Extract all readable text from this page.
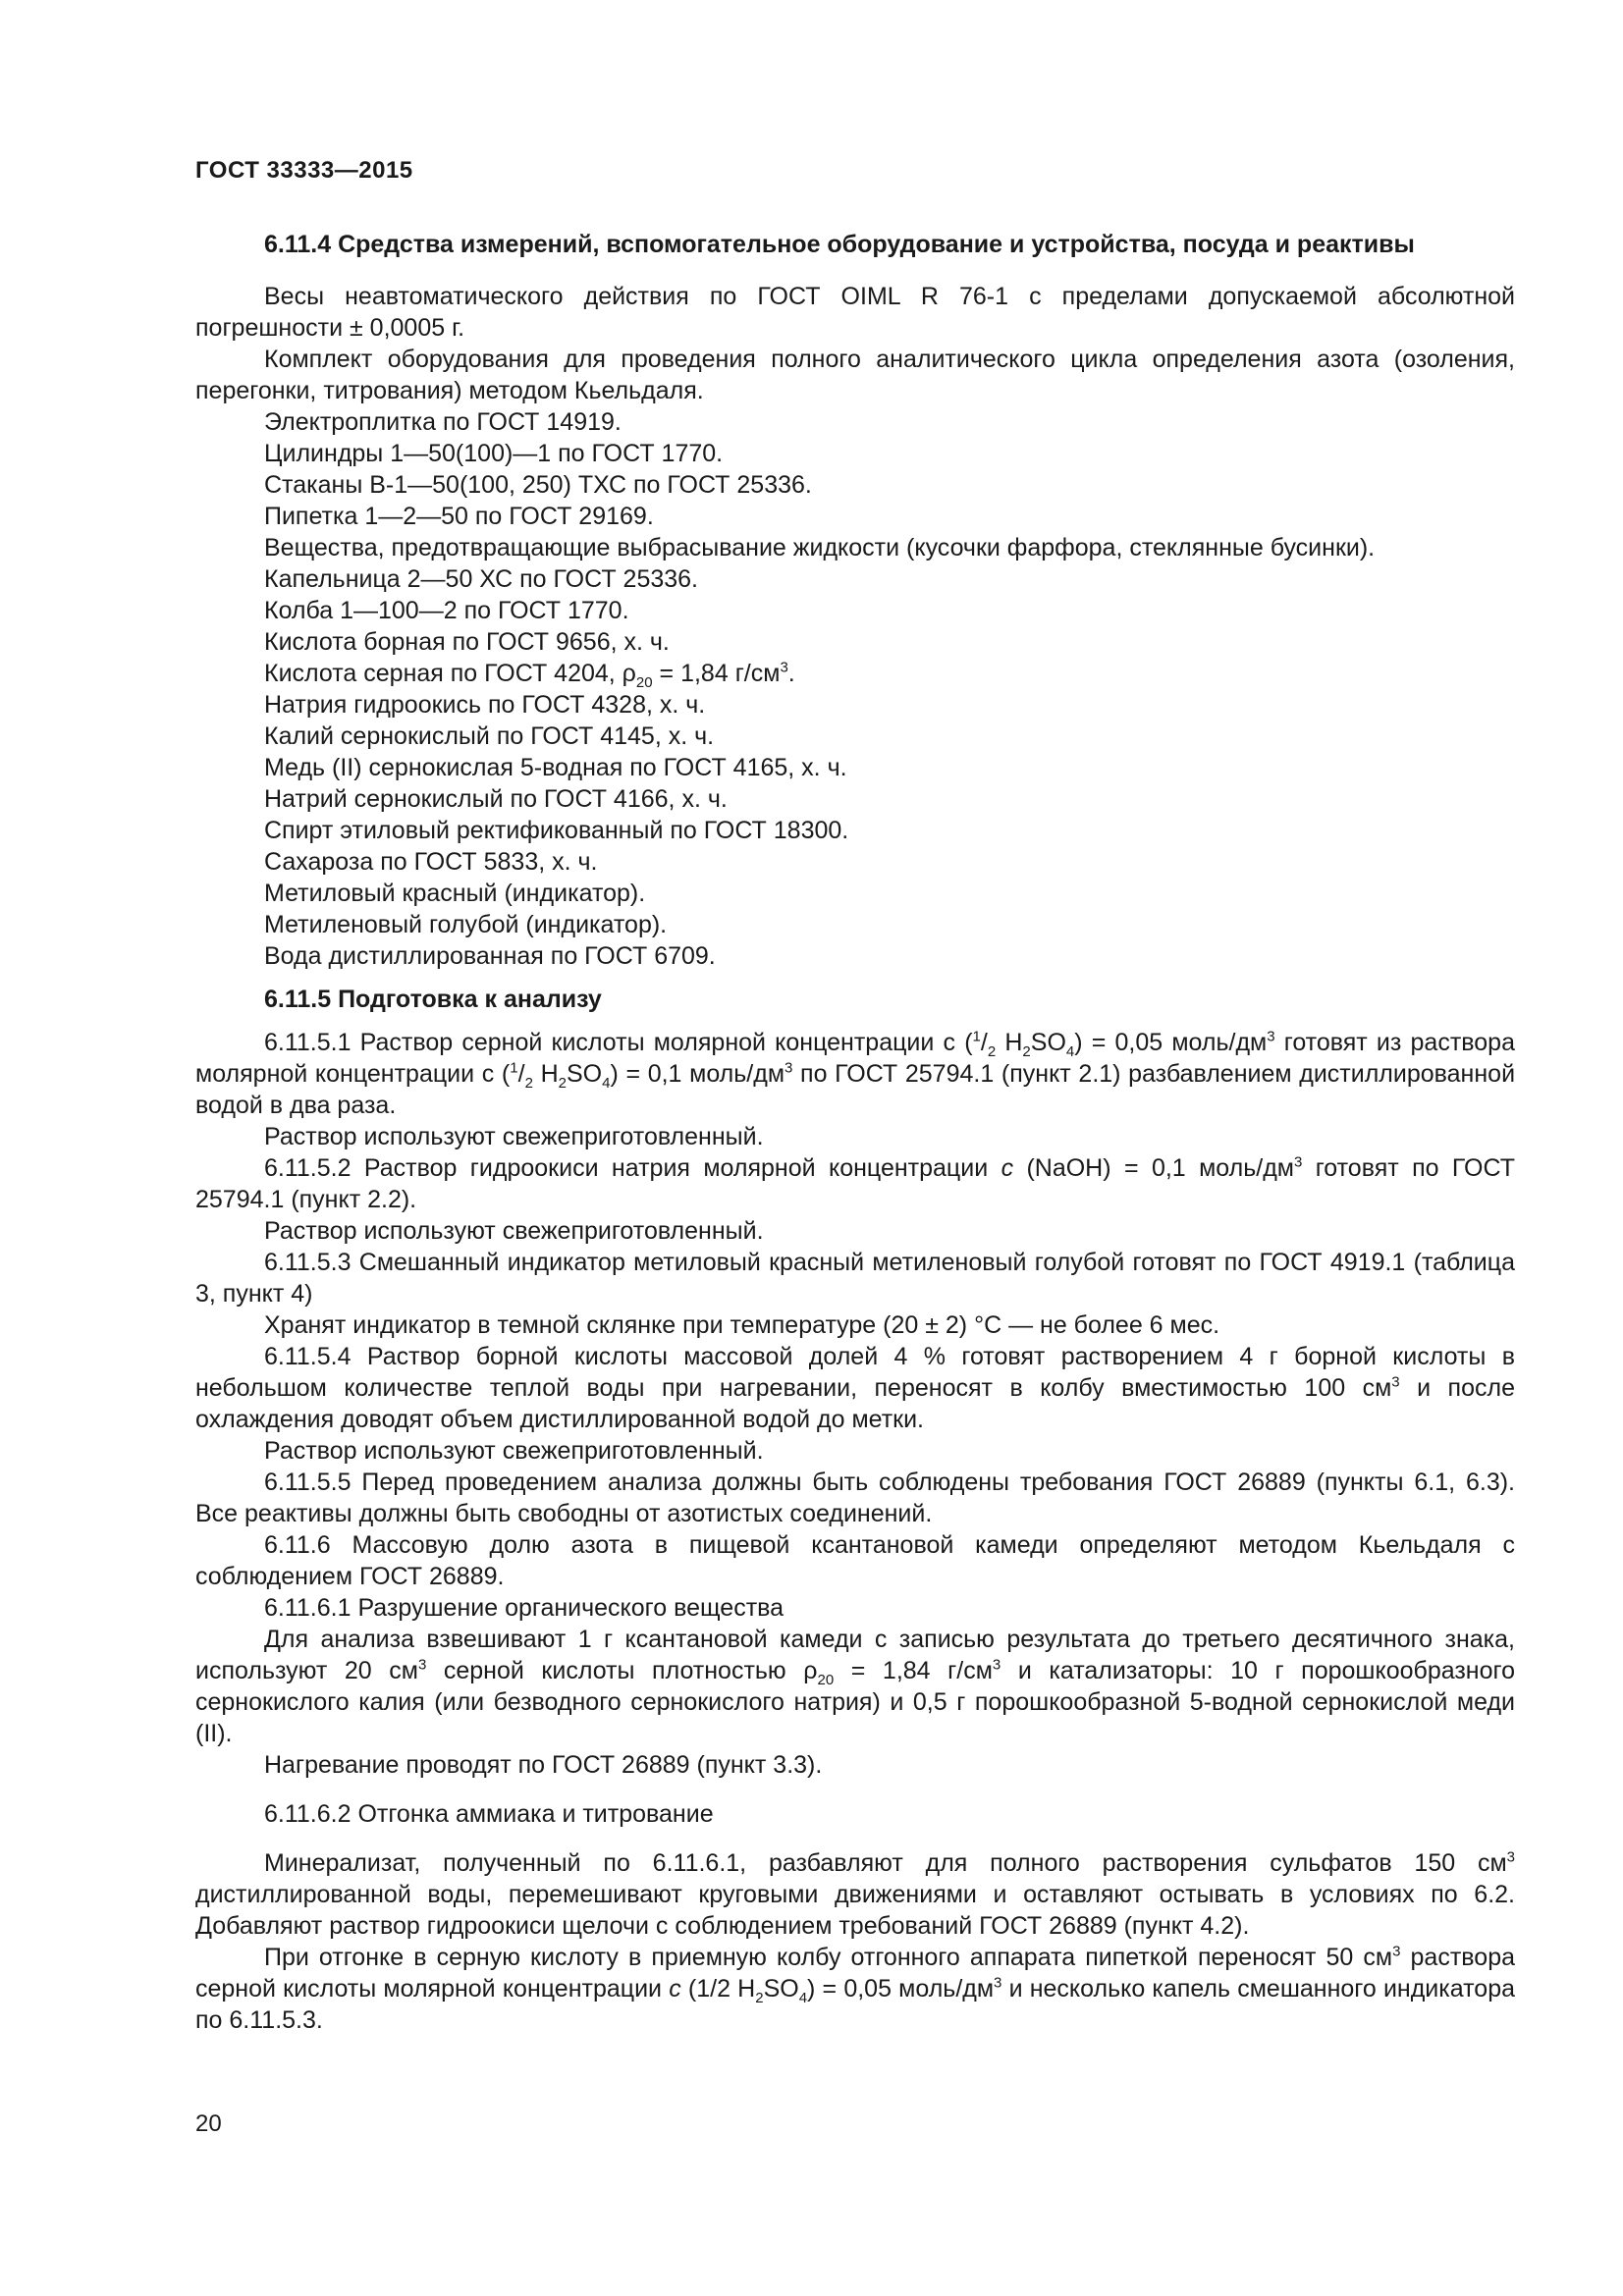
ГОСТ 33333—2015
6.11.4 Средства измерений, вспомогательное оборудование и устройства, посуда и реактивы

Весы неавтоматического действия по ГОСТ OIML R 76-1 с пределами допускаемой абсолютной погрешности ± 0,0005 г.

Комплект оборудования для проведения полного аналитического цикла определения азота (озоления, перегонки, титрования) методом Кьельдаля.

Электроплитка по ГОСТ 14919.

Цилиндры 1—50(100)—1 по ГОСТ 1770.

Стаканы В-1—50(100, 250) ТХС по ГОСТ 25336.

Пипетка 1—2—50 по ГОСТ 29169.

Вещества, предотвращающие выбрасывание жидкости (кусочки фарфора, стеклянные бусинки).

Капельница 2—50 ХС по ГОСТ 25336.

Колба 1—100—2 по ГОСТ 1770.

Кислота борная по ГОСТ 9656, х. ч.

Кислота серная по ГОСТ 4204, $\rho_{20} = 1,84$ $г/см^3$.

Натрия гидроокись по ГОСТ 4328, х. ч.

Калий сернокислый по ГОСТ 4145, х. ч.

Медь (II) сернокислая 5-водная по ГОСТ 4165, х. ч.

Натрий сернокислый по ГОСТ 4166, х. ч.

Спирт этиловый ректификованный по ГОСТ 18300.

Сахароза по ГОСТ 5833, х. ч.

Метиловый красный (индикатор).

Метиленовый голубой (индикатор).

Вода дистиллированная по ГОСТ 6709.

6.11.5 Подготовка к анализу

6.11.5.1 Раствор серной кислоты молярной концентрации с ($^1/_2$ $H_2SO_4) = 0,05$ моль/$дм^3$ готовят из раствора молярной концентрации с ($^1/_2$ $H_2SO_4) = 0,1$ моль/$дм^3$ по ГОСТ 25794.1 (пункт 2.1) разбавлением дистиллированной водой в два раза.

Раствор используют свежеприготовленный.

6.11.5.2 Раствор гидроокиси натрия молярной концентрации с (NaOH) = 0,1 моль/$дм^3$ готовят по ГОСТ 25794.1 (пункт 2.2).

Раствор используют свежеприготовленный.

6.11.5.3 Смешанный индикатор метиловый красный метиленовый голубой готовят по ГОСТ 4919.1 (таблица 3, пункт 4)

Хранят индикатор в темной склянке при температуре (20 ± 2) °С — не более 6 мес.

6.11.5.4 Раствор борной кислоты массовой долей 4 % готовят растворением 4 г борной кислоты в небольшом количестве теплой воды при нагревании, переносят в колбу вместимостью 100 $см^3$ и после охлаждения доводят объем дистиллированной водой до метки.

Раствор используют свежеприготовленный.

6.11.5.5 Перед проведением анализа должны быть соблюдены требования ГОСТ 26889 (пункты 6.1, 6.3). Все реактивы должны быть свободны от азотистых соединений.

6.11.6 Массовую долю азота в пищевой ксантановой камеди определяют методом Кьельдаля с соблюдением ГОСТ 26889.

6.11.6.1 Разрушение органического вещества

Для анализа взвешивают 1 г ксантановой камеди с записью результата до третьего десятичного знака, используют 20 $см^3$ серной кислоты плотностью $\rho_{20} = 1,84$ $г/см^3$ и катализаторы: 10 г порошкообразного сернокислого калия (или безводного сернокислого натрия) и 0,5 г порошкообразной 5-водной сернокислой меди (II).

Нагревание проводят по ГОСТ 26889 (пункт 3.3).

6.11.6.2 Отгонка аммиака и титрование

Минерализат, полученный по 6.11.6.1, разбавляют для полного растворения сульфатов 150 $см^3$ дистиллированной воды, перемешивают круговыми движениями и оставляют остывать в условиях по 6.2. Добавляют раствор гидроокиси щелочи с соблюдением требований ГОСТ 26889 (пункт 4.2).

При отгонке в серную кислоту в приемную колбу отгонного аппарата пипеткой переносят 50 $см^3$ раствора серной кислоты молярной концентрации с (1/2 $H_2SO_4) = 0,05$ моль/$дм^3$ и несколько капель смешанного индикатора по 6.11.5.3.

20
